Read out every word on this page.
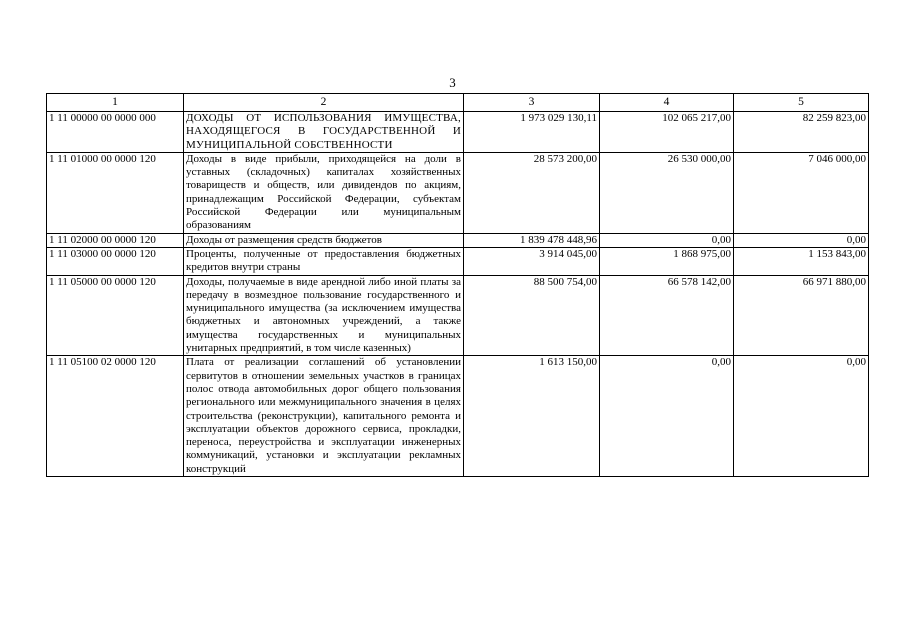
3
1	2	3	4	5
1 11 00000 00 0000 000	ДОХОДЫ ОТ ИСПОЛЬЗОВАНИЯ ИМУЩЕСТВА, НАХОДЯЩЕГОСЯ В ГОСУДАРСТВЕННОЙ И МУНИЦИПАЛЬНОЙ СОБСТВЕННОСТИ	1 973 029 130,11	102 065 217,00	82 259 823,00
1 11 01000 00 0000 120	Доходы в виде прибыли, приходящейся на доли в уставных (складочных) капиталах хозяйственных товариществ и обществ, или дивидендов по акциям, принадлежащим Российской Федерации, субъектам Российской Федерации или муниципальным образованиям	28 573 200,00	26 530 000,00	7 046 000,00
1 11 02000 00 0000 120	Доходы от размещения средств бюджетов	1 839 478 448,96	0,00	0,00
1 11 03000 00 0000 120	Проценты, полученные от предоставления бюджетных кредитов внутри страны	3 914 045,00	1 868 975,00	1 153 843,00
1 11 05000 00 0000 120	Доходы, получаемые в виде арендной либо иной платы за передачу в возмездное пользование государственного и муниципального имущества (за исключением имущества бюджетных и автономных учреждений, а также имущества государственных и муниципальных унитарных предприятий, в том числе казенных)	88 500 754,00	66 578 142,00	66 971 880,00
1 11 05100 02 0000 120	Плата от реализации соглашений об установлении сервитутов в отношении земельных участков в границах полос отвода автомобильных дорог общего пользования регионального или межмуниципального значения в целях строительства (реконструкции), капитального ремонта и эксплуатации объектов дорожного сервиса, прокладки, переноса, переустройства и эксплуатации инженерных коммуникаций, установки и эксплуатации рекламных конструкций	1 613 150,00	0,00	0,00
